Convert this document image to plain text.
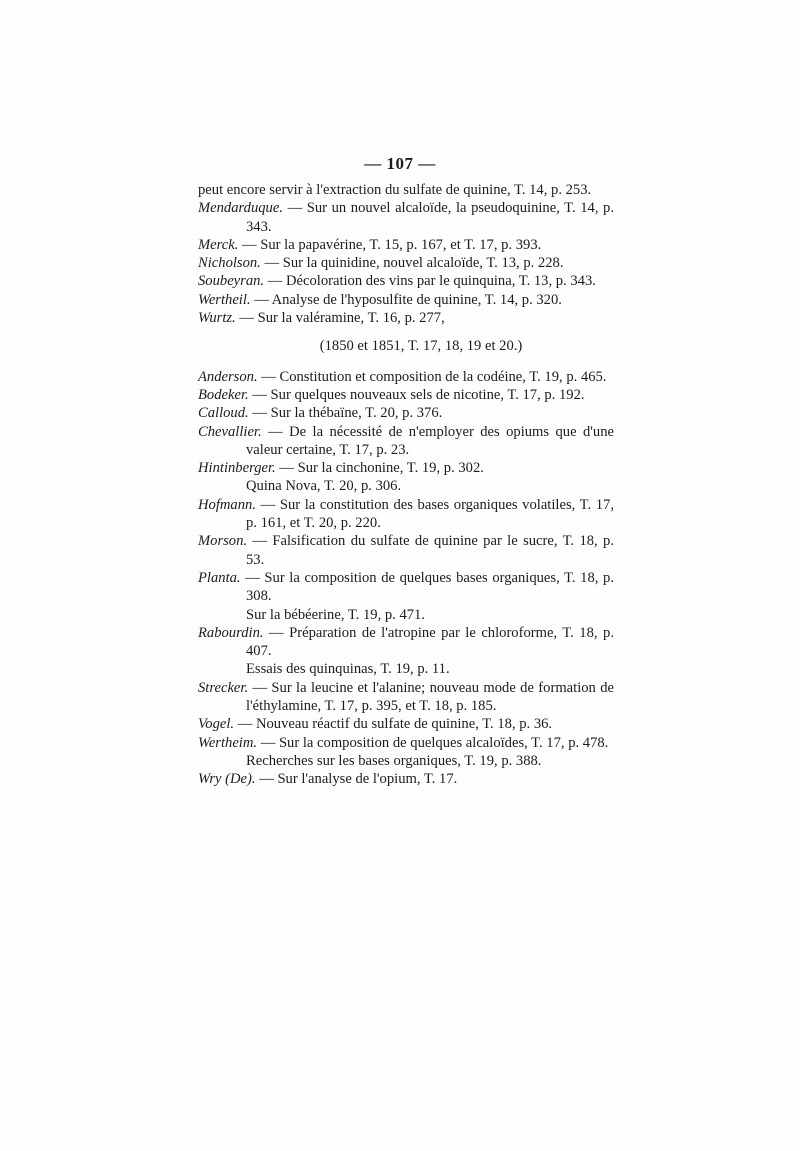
— 107 —
peut encore servir à l'extraction du sulfate de quinine, T. 14, p. 253.
Mendarduque. — Sur un nouvel alcaloïde, la pseudoquinine, T. 14, p. 343.
Merck. — Sur la papavérine, T. 15, p. 167, et T. 17, p. 393.
Nicholson. — Sur la quinidine, nouvel alcaloïde, T. 13, p. 228.
Soubeyran. — Décoloration des vins par le quinquina, T. 13, p. 343.
Wertheil. — Analyse de l'hyposulfite de quinine, T. 14, p. 320.
Wurtz. — Sur la valéramine, T. 16, p. 277,
(1850 et 1851, T. 17, 18, 19 et 20.)
Anderson. — Constitution et composition de la codéine, T. 19, p. 465.
Bodeker. — Sur quelques nouveaux sels de nicotine, T. 17, p. 192.
Calloud. — Sur la thébaïne, T. 20, p. 376.
Chevallier. — De la nécessité de n'employer des opiums que d'une valeur certaine, T. 17, p. 23.
Hintinberger. — Sur la cinchonine, T. 19, p. 302.
Quina Nova, T. 20, p. 306.
Hofmann. — Sur la constitution des bases organiques volatiles, T. 17, p. 161, et T. 20, p. 220.
Morson. — Falsification du sulfate de quinine par le sucre, T. 18, p. 53.
Planta. — Sur la composition de quelques bases organiques, T. 18, p. 308.
Sur la bébéerine, T. 19, p. 471.
Rabourdin. — Préparation de l'atropine par le chloroforme, T. 18, p. 407.
Essais des quinquinas, T. 19, p. 11.
Strecker. — Sur la leucine et l'alanine; nouveau mode de formation de l'éthylamine, T. 17, p. 395, et T. 18, p. 185.
Vogel. — Nouveau réactif du sulfate de quinine, T. 18, p. 36.
Wertheim. — Sur la composition de quelques alcaloïdes, T. 17, p. 478.
Recherches sur les bases organiques, T. 19, p. 388.
Wry (De). — Sur l'analyse de l'opium, T. 17.
